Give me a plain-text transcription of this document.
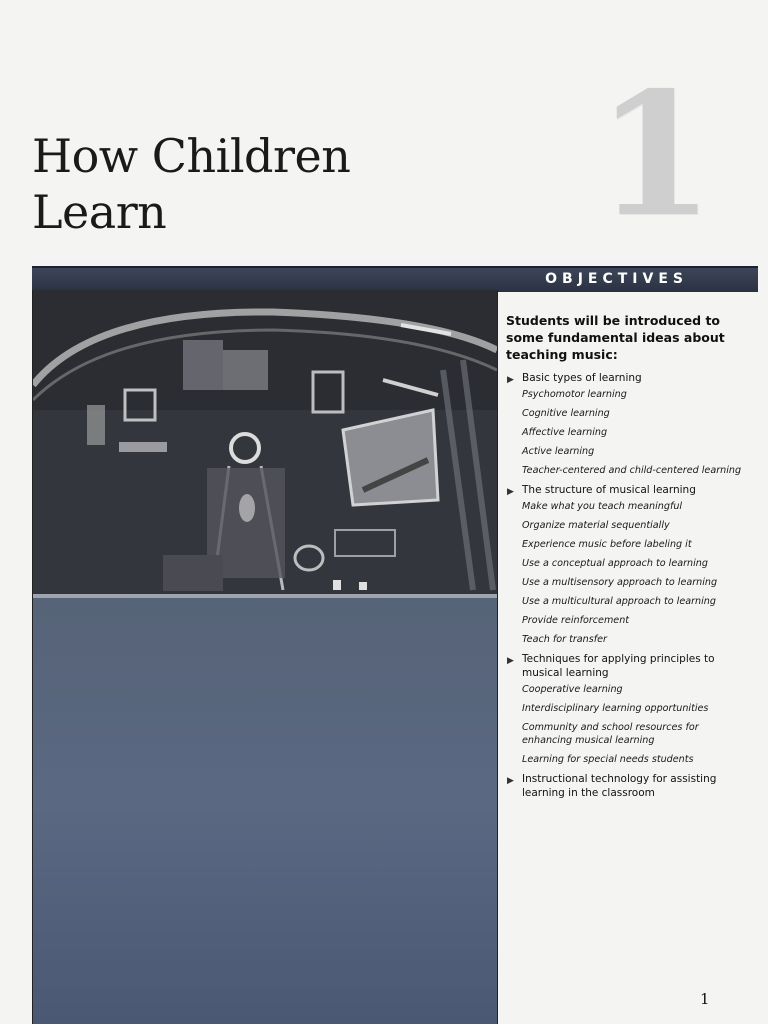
How Children
Learn	1
OBJECTIVES

Students will be introduced to some fundamental ideas about teaching music:

▶ Basic types of learning
Psychomotor learning
Cognitive learning
Affective learning
Active learning
Teacher-centered and child-centered learning
▶ The structure of musical learning
Make what you teach meaningful
Organize material sequentially
Experience music before labeling it
Use a conceptual approach to learning
Use a multisensory approach to learning
Use a multicultural approach to learning
Provide reinforcement
Teach for transfer
▶ Techniques for applying principles to musical learning
Cooperative learning
Interdisciplinary learning opportunities
Community and school resources for enhancing musical learning
Learning for special needs students
▶ Instructional technology for assisting learning in the classroom
1
